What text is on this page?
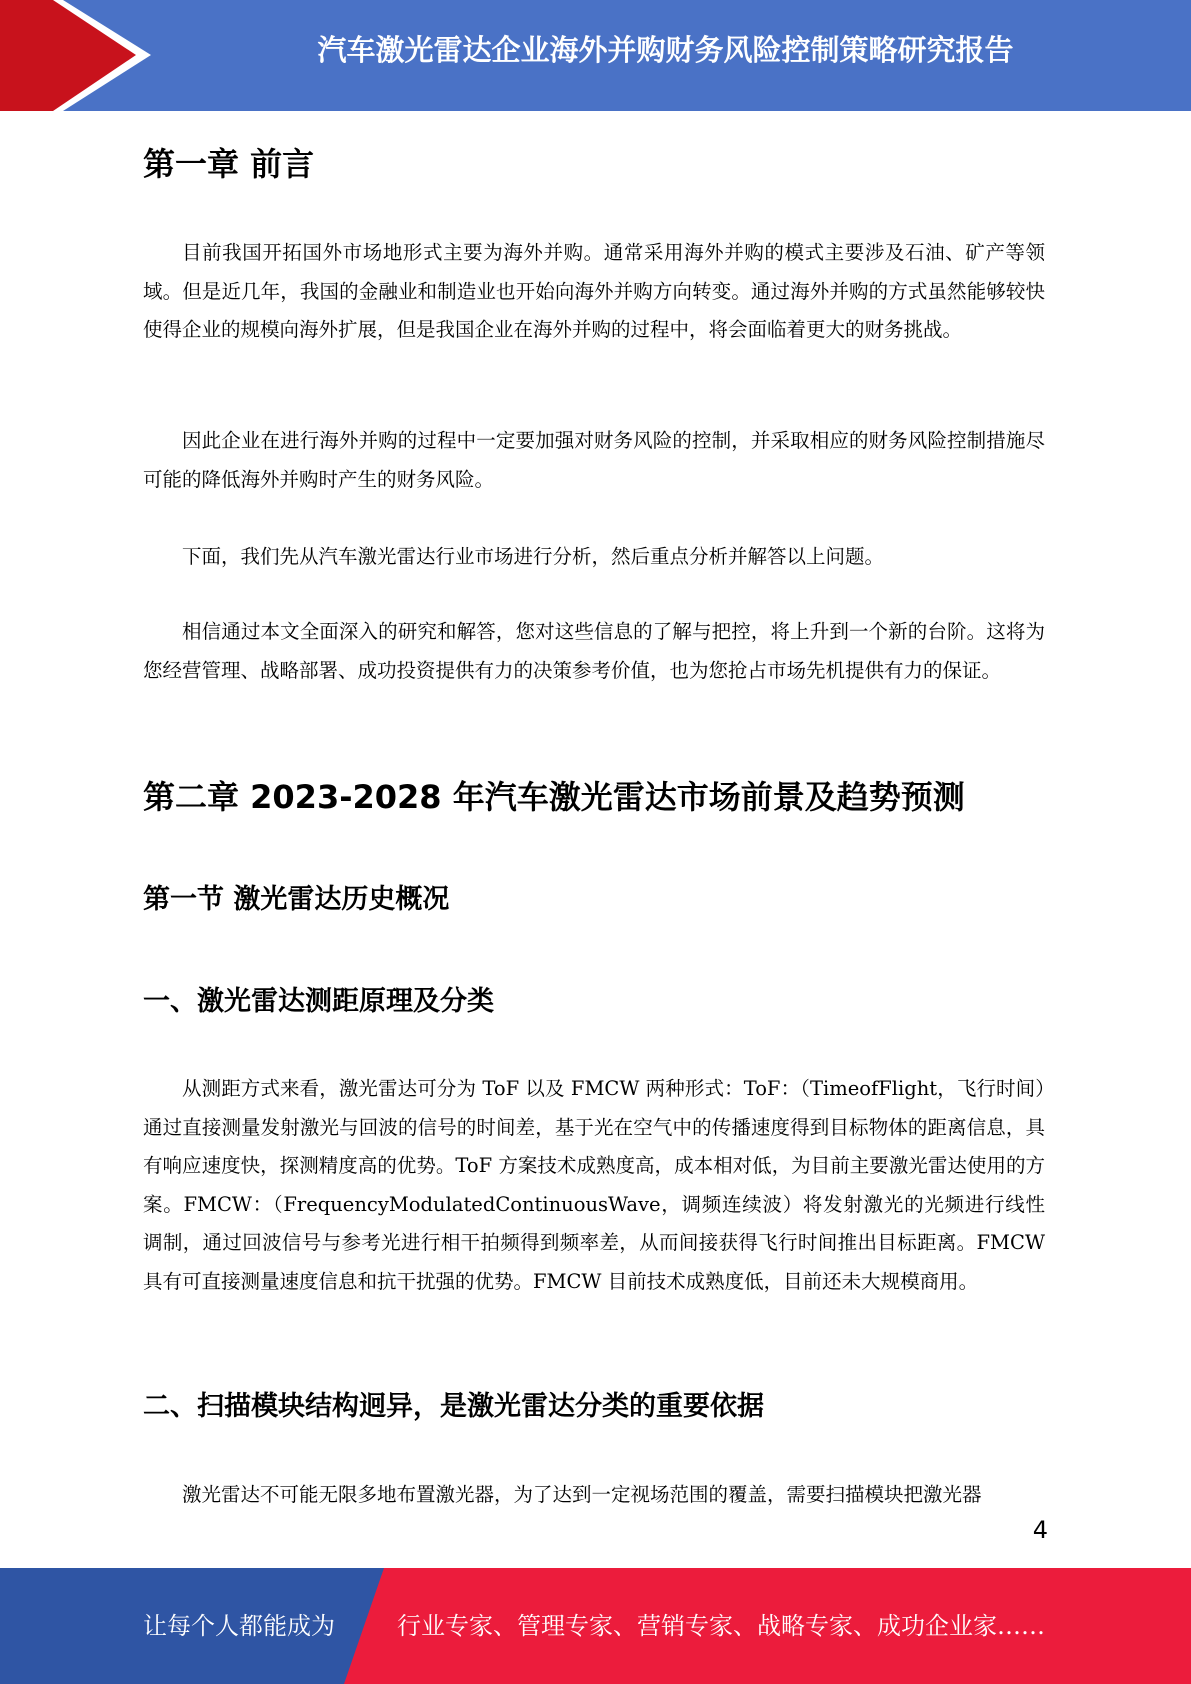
汽车激光雷达企业海外并购财务风险控制策略研究报告
第一章 前言

目前我国开拓国外市场地形式主要为海外并购。通常采用海外并购的模式主要涉及石油、矿产等领域。但是近几年，我国的金融业和制造业也开始向海外并购方向转变。通过海外并购的方式虽然能够较快使得企业的规模向海外扩展，但是我国企业在海外并购的过程中，将会面临着更大的财务挑战。

因此企业在进行海外并购的过程中一定要加强对财务风险的控制，并采取相应的财务风险控制措施尽可能的降低海外并购时产生的财务风险。

下面，我们先从汽车激光雷达行业市场进行分析，然后重点分析并解答以上问题。

相信通过本文全面深入的研究和解答，您对这些信息的了解与把控，将上升到一个新的台阶。这将为您经营管理、战略部署、成功投资提供有力的决策参考价值，也为您抢占市场先机提供有力的保证。

第二章 2023-2028 年汽车激光雷达市场前景及趋势预测
第一节 激光雷达历史概况
一、激光雷达测距原理及分类

从测距方式来看，激光雷达可分为 ToF 以及 FMCW 两种形式：ToF：（TimeofFlight，飞行时间）通过直接测量发射激光与回波的信号的时间差，基于光在空气中的传播速度得到目标物体的距离信息，具有响应速度快，探测精度高的优势。ToF 方案技术成熟度高，成本相对低，为目前主要激光雷达使用的方案。FMCW：（FrequencyModulatedContinuousWave，调频连续波）将发射激光的光频进行线性调制，通过回波信号与参考光进行相干拍频得到频率差，从而间接获得飞行时间推出目标距离。FMCW 具有可直接测量速度信息和抗干扰强的优势。FMCW 目前技术成熟度低，目前还未大规模商用。

二、扫描模块结构迥异，是激光雷达分类的重要依据

激光雷达不可能无限多地布置激光器，为了达到一定视场范围的覆盖，需要扫描模块把激光器

4
让每个人都能成为	行业专家、管理专家、营销专家、战略专家、成功企业家……
